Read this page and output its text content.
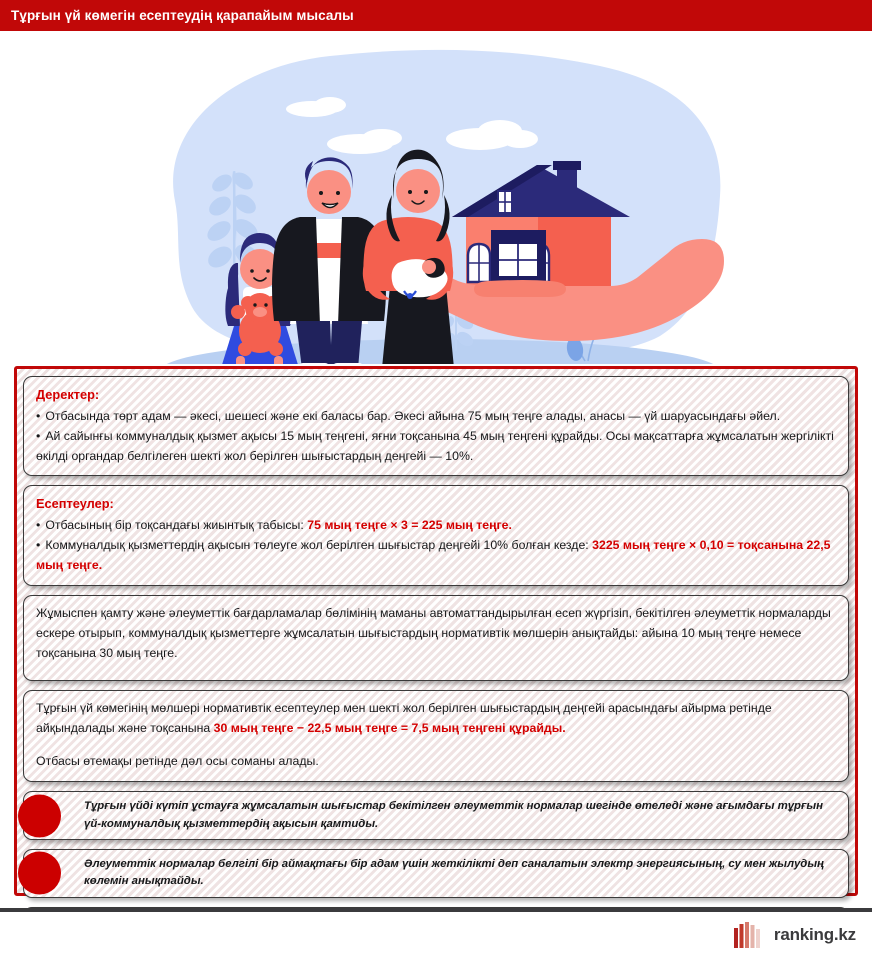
Тұрғын үй көмегін есептеудің қарапайым мысалы
Деректер:
• Отбасында төрт адам — әкесі, шешесі және екі баласы бар. Әкесі айына 75 мың теңге алады, анасы — үй шаруасындағы әйел.
• Ай сайынғы коммуналдық қызмет ақысы 15 мың теңгені, яғни тоқсанына 45 мың теңгені құрайды. Осы мақсаттарға жұмсалатын жергілікті өкілді органдар белгілеген шекті жол берілген шығыстардың деңгейі — 10%.
Есептеулер:
• Отбасының бір тоқсандағы жиынтық табысы: 75 мың теңге × 3 = 225 мың теңге.
• Коммуналдық қызметтердің ақысын төлеуге жол берілген шығыстар деңгейі 10% болған кезде: 3225 мың теңге × 0,10 = тоқсанына 22,5 мың теңге.
Жұмыспен қамту және әлеуметтік бағдарламалар бөлімінің маманы автоматтандырылған есеп жүргізіп, бекітілген әлеуметтік нормаларды ескере отырып, коммуналдық қызметтерге жұмсалатын шығыстардың нормативтік мөлшерін анықтайды: айына 10 мың теңге немесе тоқсанына 30 мың теңге.
Тұрғын үй көмегінің мөлшері нормативтік есептеулер мен шекті жол берілген шығыстардың деңгейі арасындағы айырма ретінде айқындалады және тоқсанына 30 мың теңге − 22,5 мың теңге = 7,5 мың теңгені құрайды.
Отбасы өтемақы ретінде дәл осы соманы алады.
Тұрғын үйді күтіп ұстауға жұмсалатын шығыстар бекітілген әлеуметтік нормалар шегінде өтеледі және ағымдағы тұрғын үй-коммуналдық қызметтердің ақысын қамтиды.
Әлеуметтік нормалар белгілі бір аймақтағы бір адам үшін жеткілікті деп саналатын электр энергиясының, су мен жылудың көлемін анықтайды.
ranking.kz
